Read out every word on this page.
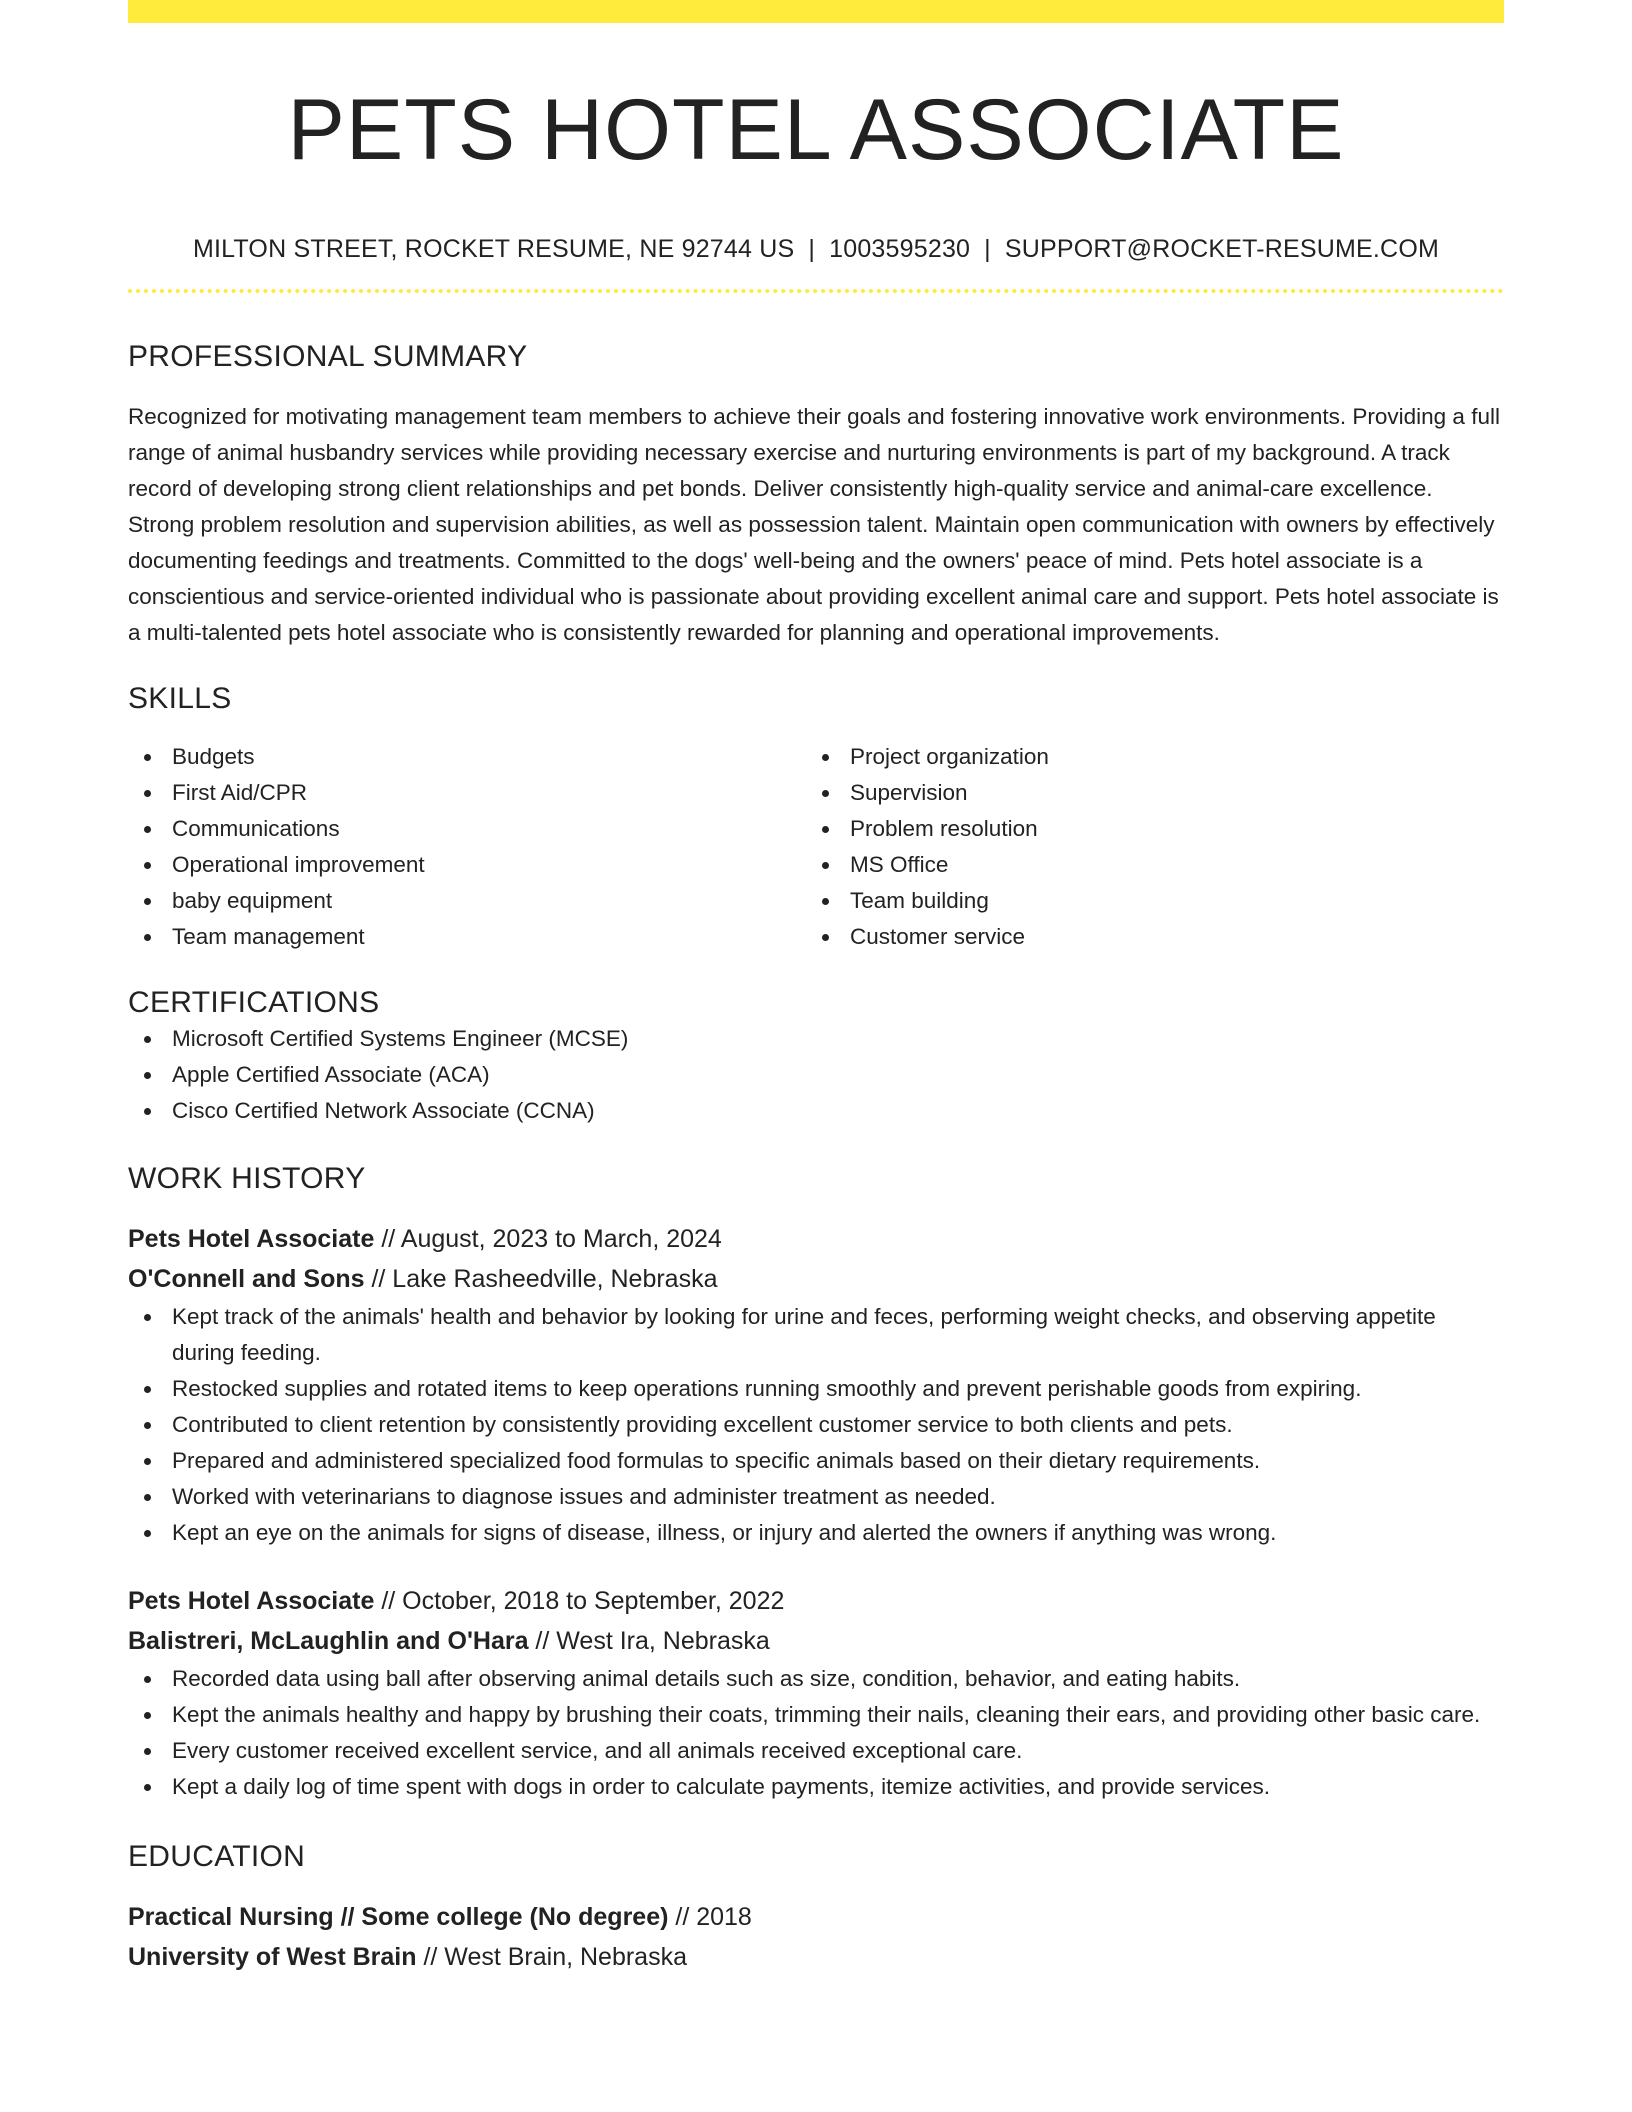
PETS HOTEL ASSOCIATE
MILTON STREET, ROCKET RESUME, NE 92744 US | 1003595230 | SUPPORT@ROCKET-RESUME.COM
PROFESSIONAL SUMMARY
Recognized for motivating management team members to achieve their goals and fostering innovative work environments. Providing a full range of animal husbandry services while providing necessary exercise and nurturing environments is part of my background. A track record of developing strong client relationships and pet bonds. Deliver consistently high-quality service and animal-care excellence. Strong problem resolution and supervision abilities, as well as possession talent. Maintain open communication with owners by effectively documenting feedings and treatments. Committed to the dogs' well-being and the owners' peace of mind. Pets hotel associate is a conscientious and service-oriented individual who is passionate about providing excellent animal care and support. Pets hotel associate is a multi-talented pets hotel associate who is consistently rewarded for planning and operational improvements.
SKILLS
Budgets
First Aid/CPR
Communications
Operational improvement
baby equipment
Team management
Project organization
Supervision
Problem resolution
MS Office
Team building
Customer service
CERTIFICATIONS
Microsoft Certified Systems Engineer (MCSE)
Apple Certified Associate (ACA)
Cisco Certified Network Associate (CCNA)
WORK HISTORY
Pets Hotel Associate // August, 2023 to March, 2024
O'Connell and Sons // Lake Rasheedville, Nebraska
Kept track of the animals' health and behavior by looking for urine and feces, performing weight checks, and observing appetite during feeding.
Restocked supplies and rotated items to keep operations running smoothly and prevent perishable goods from expiring.
Contributed to client retention by consistently providing excellent customer service to both clients and pets.
Prepared and administered specialized food formulas to specific animals based on their dietary requirements.
Worked with veterinarians to diagnose issues and administer treatment as needed.
Kept an eye on the animals for signs of disease, illness, or injury and alerted the owners if anything was wrong.
Pets Hotel Associate // October, 2018 to September, 2022
Balistreri, McLaughlin and O'Hara // West Ira, Nebraska
Recorded data using ball after observing animal details such as size, condition, behavior, and eating habits.
Kept the animals healthy and happy by brushing their coats, trimming their nails, cleaning their ears, and providing other basic care.
Every customer received excellent service, and all animals received exceptional care.
Kept a daily log of time spent with dogs in order to calculate payments, itemize activities, and provide services.
EDUCATION
Practical Nursing // Some college (No degree) // 2018
University of West Brain // West Brain, Nebraska
